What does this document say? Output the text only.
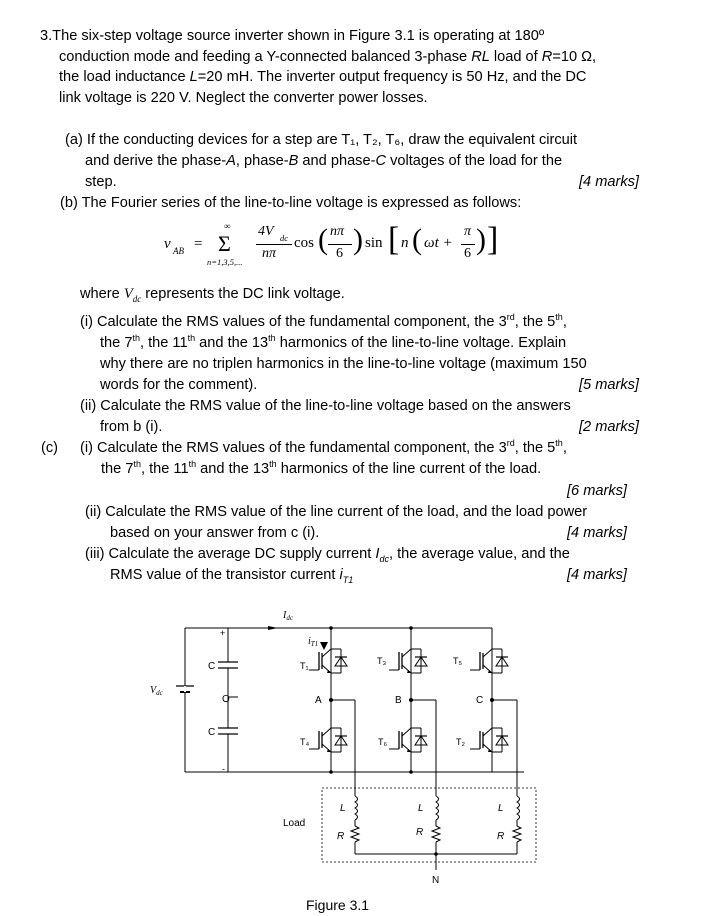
3.The six-step voltage source inverter shown in Figure 3.1 is operating at 180º
conduction mode and feeding a Y-connected balanced 3-phase RL load of R=10 Ω,
the load inductance L=20 mH. The inverter output frequency is 50 Hz, and the DC
link voltage is 220 V. Neglect the converter power losses.
(a) If the conducting devices for a step are T₁, T₂, T₆, draw the equivalent circuit
and derive the phase-A, phase-B and phase-C voltages of the load for the
step.	[4 marks]
(b) The Fourier series of the line-to-line voltage is expressed as follows:
v AB =
∞
Σ
n=1,3,5,...
4V dc
nπ
cos ( nπ
6 ) sin [ n ( ωt +
π
6 ) ]
where $V_{dc}$ represents the DC link voltage.
(i) Calculate the RMS values of the fundamental component, the 3rd, the 5th,
the 7th, the 11th and the 13th harmonics of the line-to-line voltage. Explain
why there are no triplen harmonics in the line-to-line voltage (maximum 150
words for the comment).	[5 marks]
(ii) Calculate the RMS value of the line-to-line voltage based on the answers
from b (i).	[2 marks]
(c) (i) Calculate the RMS values of the fundamental component, the 3rd, the 5th,
the 7th, the 11th and the 13th harmonics of the line current of the load.
[6 marks]
(ii) Calculate the RMS value of the line current of the load, and the load power
based on your answer from c (i).	[4 marks]
(iii) Calculate the average DC supply current $I_{dc}$, the average value, and the
RMS value of the transistor current $i_{T1}$	[4 marks]
$I_{dc}$
$i_{T1}$
$V_{dc}$
+
-
C
C
O
T₁	T₃	T₅
T₄	T₆	T₂
A	B	C
Load
L
R
L
R
L
R
N
Figure 3.1
